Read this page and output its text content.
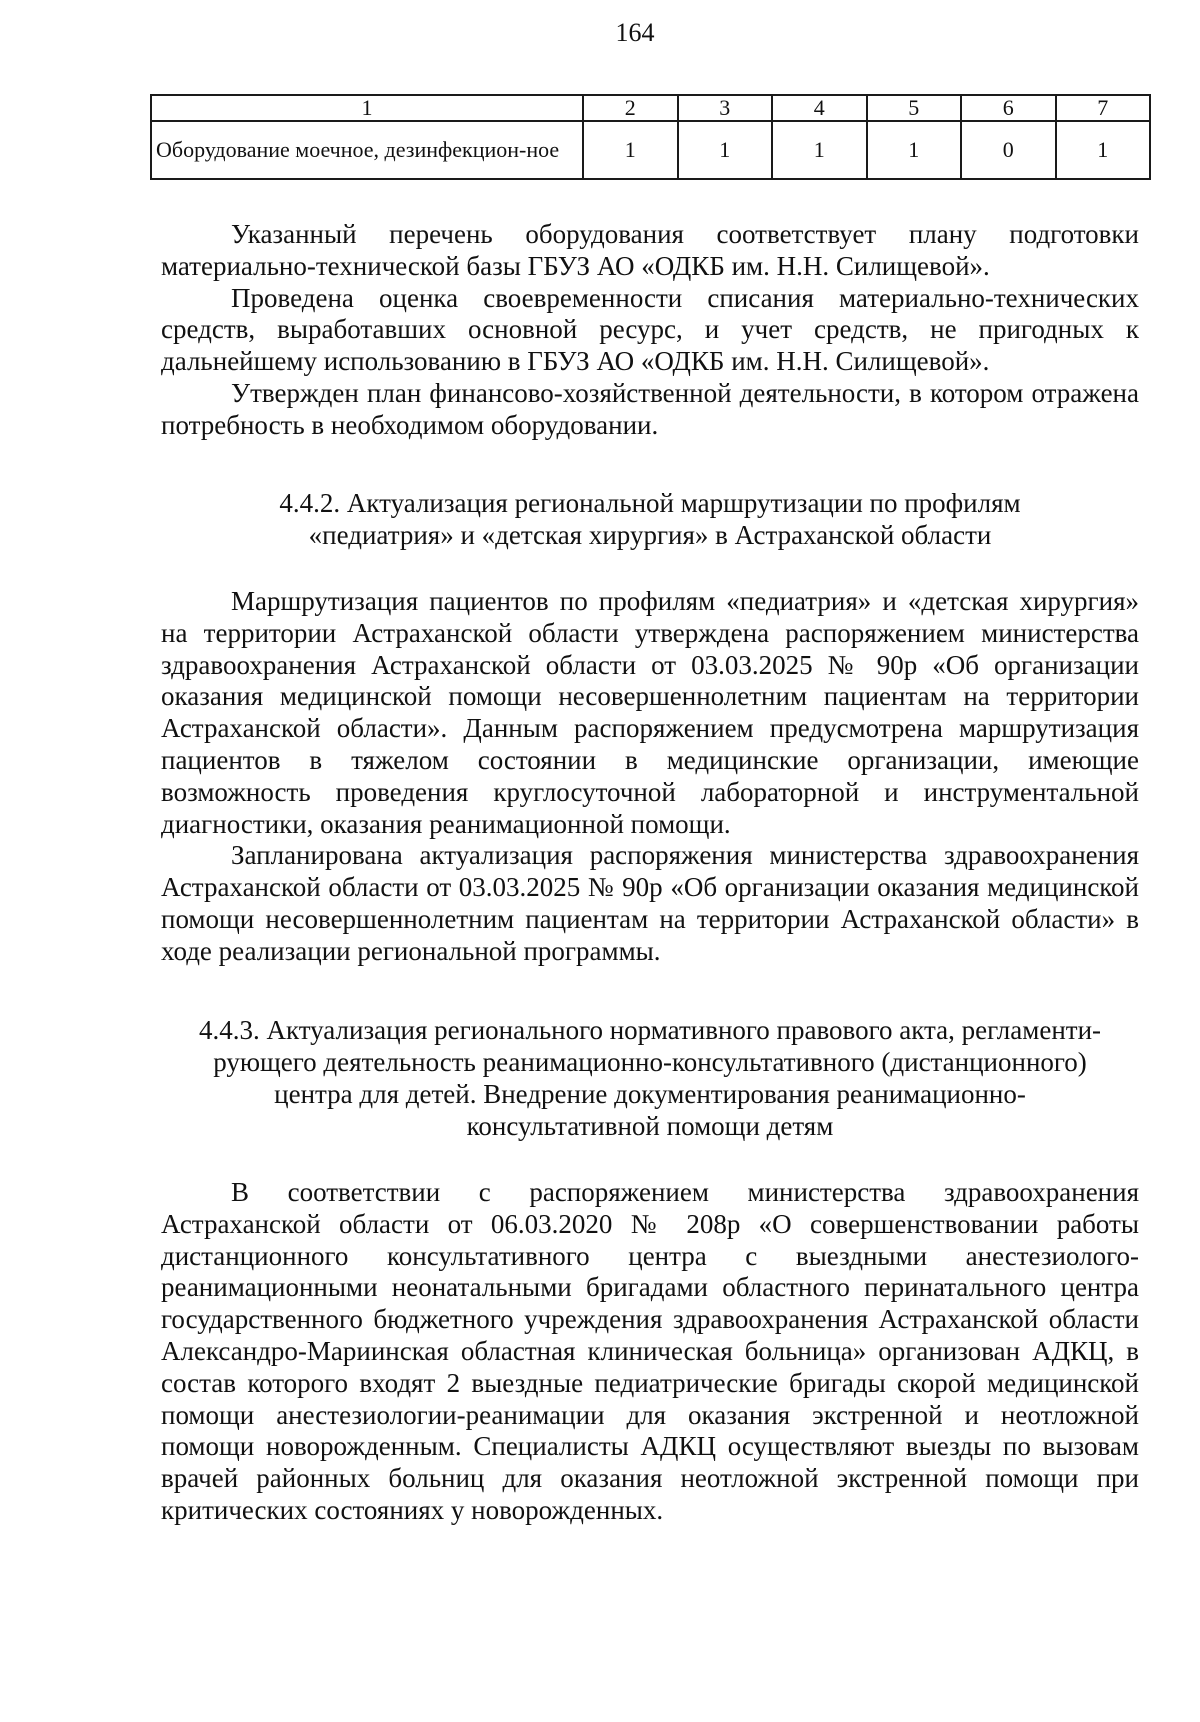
164
1	2	3	4	5	6	7
Оборудование моечное, дезинфекцион-ное	1	1	1	1	0	1

Указанный перечень оборудования соответствует плану подготовки материально-технической базы ГБУЗ АО «ОДКБ им. Н.Н. Силищевой».

Проведена оценка своевременности списания материально-технических средств, выработавших основной ресурс, и учет средств, не пригодных к дальнейшему использованию в ГБУЗ АО «ОДКБ им. Н.Н. Силищевой».

Утвержден план финансово-хозяйственной деятельности, в котором отражена потребность в необходимом оборудовании.

4.4.2. Актуализация региональной маршрутизации по профилям

«педиатрия» и «детская хирургия» в Астраханской области

Маршрутизация пациентов по профилям «педиатрия» и «детская хирургия» на территории Астраханской области утверждена распоряжением министерства здравоохранения Астраханской области от 03.03.2025 № 90р «Об организации оказания медицинской помощи несовершеннолетним пациентам на территории Астраханской области». Данным распоряжением предусмотрена маршрутизация пациентов в тяжелом состоянии в медицинские организации, имеющие возможность проведения круглосуточной лабораторной и инструментальной диагностики, оказания реанимационной помощи.

Запланирована актуализация распоряжения министерства здравоохранения Астраханской области от 03.03.2025 № 90р «Об организации оказания медицинской помощи несовершеннолетним пациентам на территории Астраханской области» в ходе реализации региональной программы.

4.4.3. Актуализация регионального нормативного правового акта, регламенти-

рующего деятельность реанимационно-консультативного (дистанционного)

центра для детей. Внедрение документирования реанимационно-

консультативной помощи детям

В соответствии с распоряжением министерства здравоохранения Астраханской области от 06.03.2020 № 208р «О совершенствовании работы дистанционного консультативного центра с выездными анестезиолого-реанимационными неонатальными бригадами областного перинатального центра государственного бюджетного учреждения здравоохранения Астраханской области Александро-Мариинская областная клиническая больница» организован АДКЦ, в состав которого входят 2 выездные педиатрические бригады скорой медицинской помощи анестезиологии-реанимации для оказания экстренной и неотложной помощи новорожденным. Специалисты АДКЦ осуществляют выезды по вызовам врачей районных больниц для оказания неотложной экстренной помощи при критических состояниях у новорожденных.
